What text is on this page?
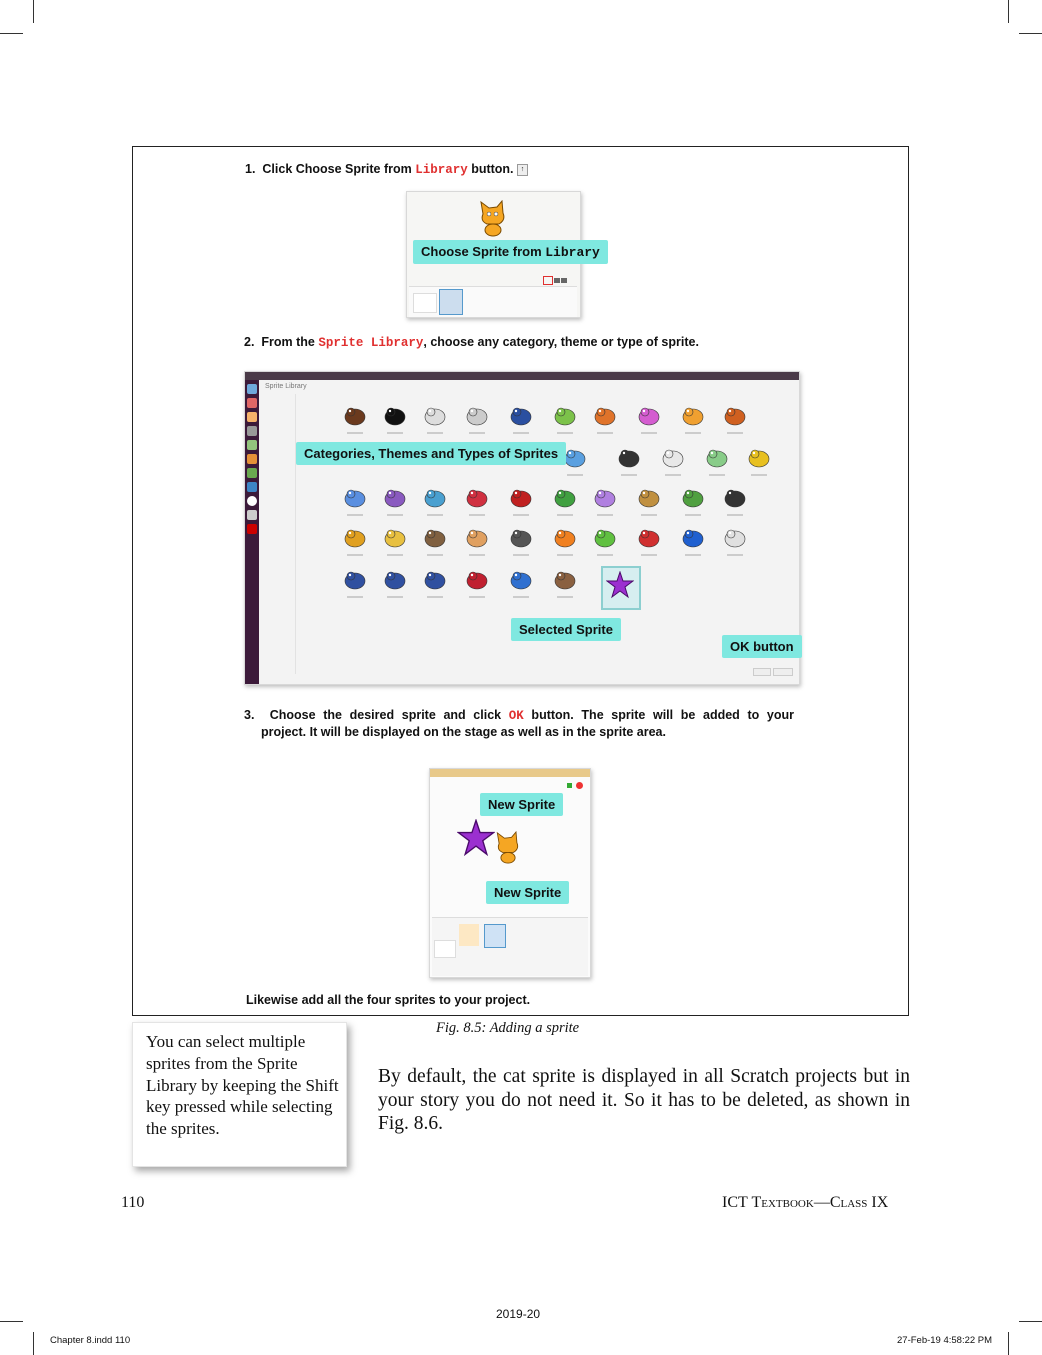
1. Click Choose Sprite from Library button. ↑
Choose Sprite from Library

2. From the Sprite Library, choose any category, theme or type of sprite.
Sprite Library
Categories, Themes and Types of Sprites
Selected Sprite
OK button
3. Choose the desired sprite and click OK button. The sprite will be added to your
project. It will be displayed on the stage as well as in the sprite area.
New Sprite
New Sprite
Likewise add all the four sprites to your project.
Fig. 8.5: Adding a sprite
You can select multiple sprites from the Sprite Library by keeping the Shift key pressed while selecting the sprites.
By default, the cat sprite is displayed in all Scratch projects but in your story you do not need it. So it has to be deleted, as shown in Fig. 8.6.
110	ICT Textbook—Class IX
2019-20
Chapter 8.indd 110	27-Feb-19 4:58:22 PM
